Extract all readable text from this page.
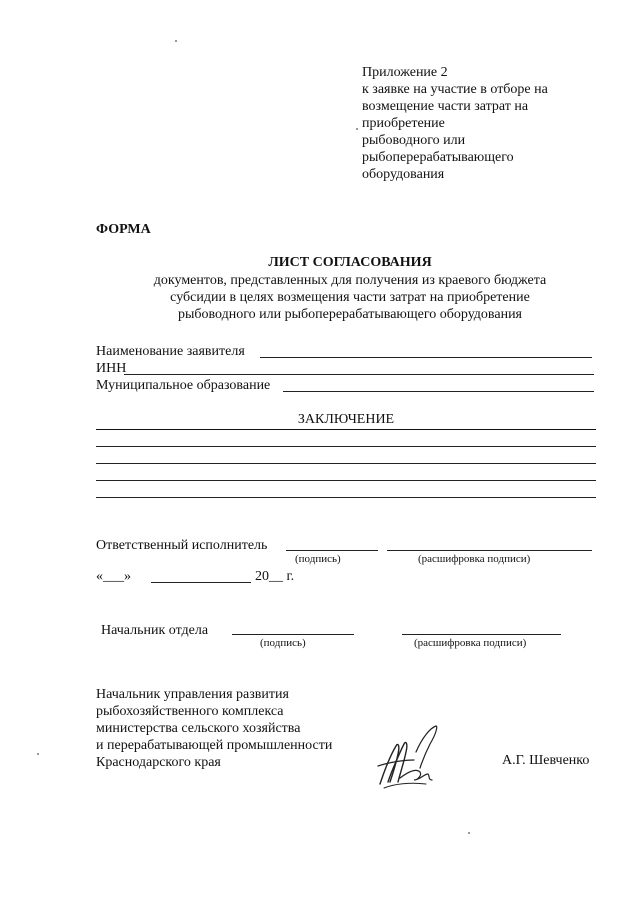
Приложение 2
к заявке на участие в отборе на
возмещение части затрат на
приобретение
рыбоводного или
рыбоперерабатывающего
оборудования
ФОРМА
ЛИСТ СОГЛАСОВАНИЯ
документов, представленных для получения из краевого бюджета
субсидии в целях возмещения части затрат на приобретение
рыбоводного или рыбоперерабатывающего оборудования
Наименование заявителя
ИНН
Муниципальное образование
ЗАКЛЮЧЕНИЕ
Ответственный исполнитель
(подпись)	(расшифровка подписи)
«___»	20__ г.
Начальник отдела
(подпись)	(расшифровка подписи)
Начальник управления развития
рыбохозяйственного комплекса
министерства сельского хозяйства
и перерабатывающей промышленности
Краснодарского края	А.Г. Шевченко
